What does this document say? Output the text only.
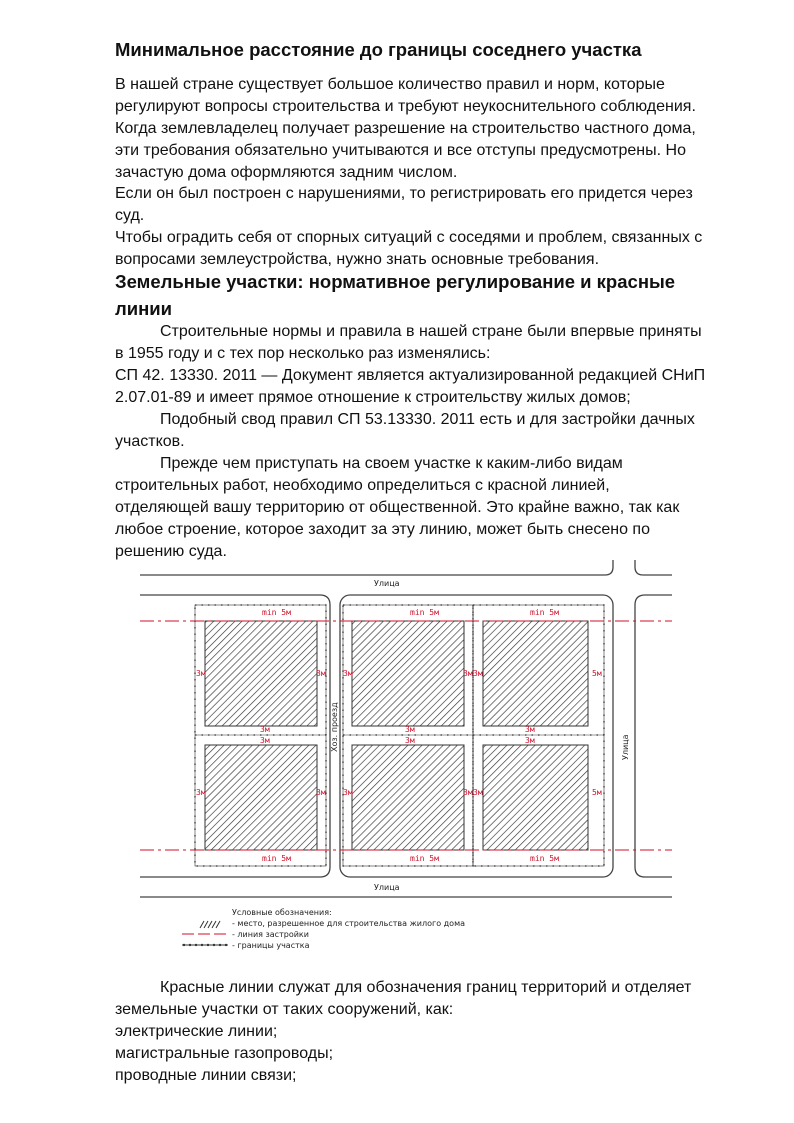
Минимальное расстояние до границы соседнего участка
В нашей стране существует большое количество правил и норм, которые
регулируют вопросы строительства и требуют неукоснительного соблюдения.
Когда землевладелец получает разрешение на строительство частного дома,
эти требования обязательно учитываются и все отступы предусмотрены. Но
зачастую дома оформляются задним числом.
Если он был построен с нарушениями, то регистрировать его придется через
суд.
Чтобы оградить себя от спорных ситуаций с соседями и проблем, связанных с
вопросами землеустройства, нужно знать основные требования.
Земельные участки: нормативное регулирование и красные
линии
Строительные нормы и правила в нашей стране были впервые приняты
в 1955 году и с тех пор несколько раз изменялись:
СП 42. 13330. 2011 — Документ является актуализированной редакцией СНиП
2.07.01-89 и имеет прямое отношение к строительству жилых домов;
Подобный свод правил СП 53.13330. 2011 есть и для застройки дачных
участков.
Прежде чем приступать на своем участке к каким-либо видам
строительных работ, необходимо определиться с красной линией,
отделяющей вашу территорию от общественной. Это крайне важно, так как
любое строение, которое заходит за эту линию, может быть снесено по
решению суда.
Улица
Улица
Улица
Хоз. проезд
min 5м
min 5м
min 5м
min 5м
min 5м
min 5м
3м
3м
3м
3м
3м
3м
3м	3м 3м	3м 3м	5м
3м	3м 3м	3м 3м	5м
Условные обозначения:
- место, разрешенное для строительства жилого дома
- линия застройки
- границы участка
Красные линии служат для обозначения границ территорий и отделяет
земельные участки от таких сооружений, как:
электрические линии;
магистральные газопроводы;
проводные линии связи;
